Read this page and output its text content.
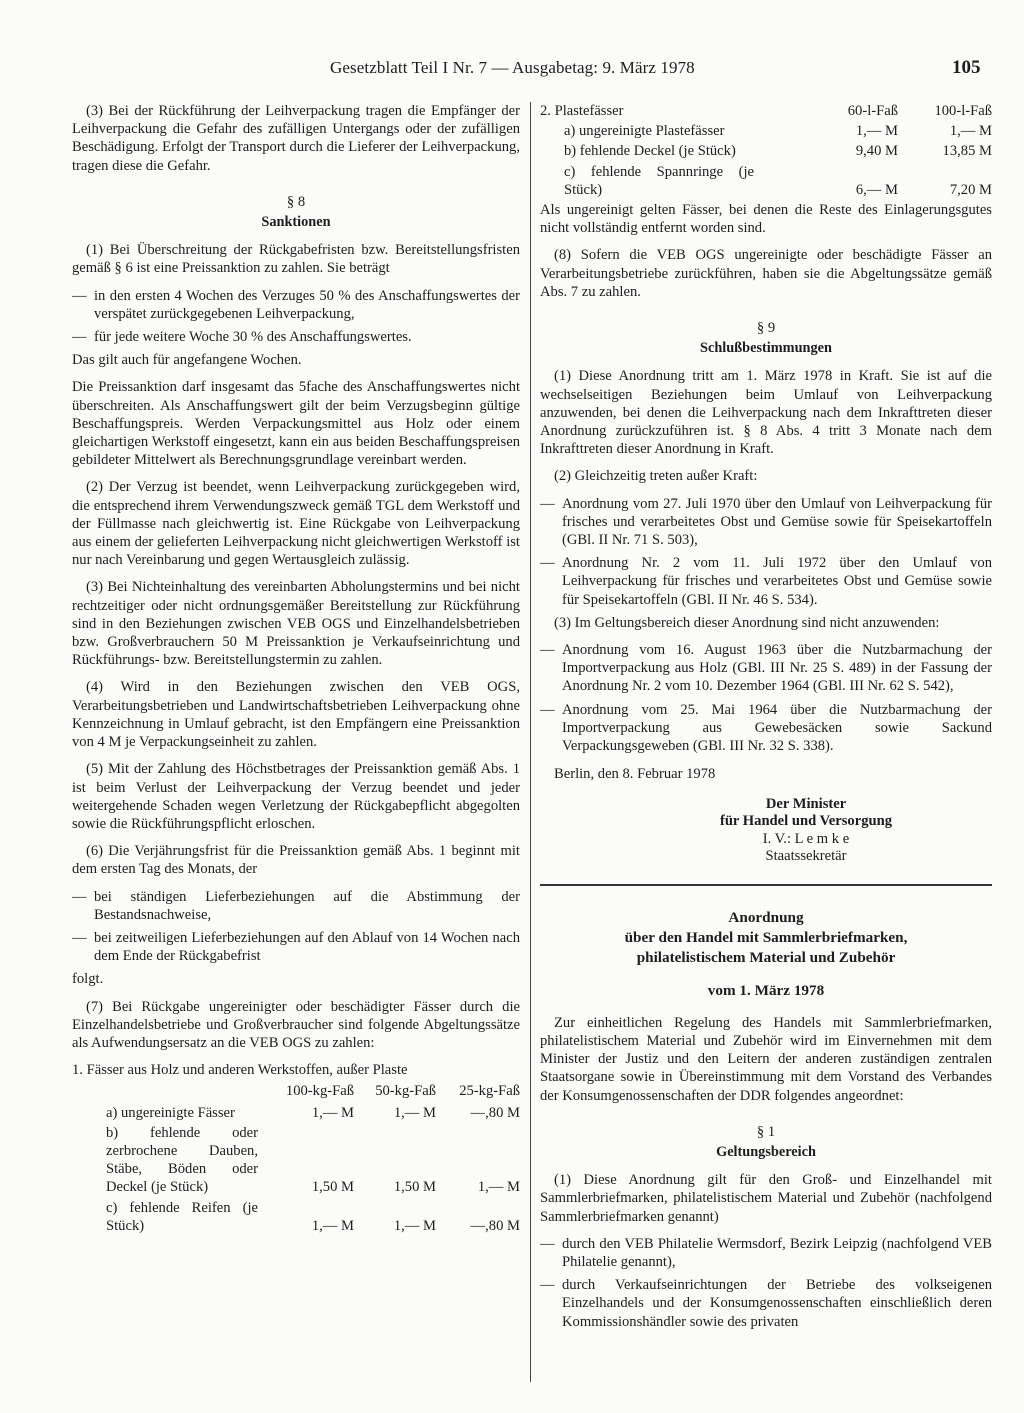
Gesetzblatt Teil I Nr. 7 — Ausgabetag: 9. März 1978	105

(3) Bei der Rückführung der Leihverpackung tragen die Empfänger der Leihverpackung die Gefahr des zufälligen Untergangs oder der zufälligen Beschädigung. Erfolgt der Transport durch die Lieferer der Leihverpackung, tragen diese die Gefahr.

§ 8
Sanktionen

(1) Bei Überschreitung der Rückgabefristen bzw. Bereitstellungsfristen gemäß § 6 ist eine Preissanktion zu zahlen. Sie beträgt

— in den ersten 4 Wochen des Verzuges 50 % des Anschaffungswertes der verspätet zurückgegebenen Leihverpackung,
— für jede weitere Woche 30 % des Anschaffungswertes.

Das gilt auch für angefangene Wochen.

Die Preissanktion darf insgesamt das 5fache des Anschaffungswertes nicht überschreiten. Als Anschaffungswert gilt der beim Verzugsbeginn gültige Beschaffungspreis. Werden Verpackungsmittel aus Holz oder einem gleichartigen Werkstoff eingesetzt, kann ein aus beiden Beschaffungspreisen gebildeter Mittelwert als Berechnungsgrundlage vereinbart werden.

(2) Der Verzug ist beendet, wenn Leihverpackung zurückgegeben wird, die entsprechend ihrem Verwendungszweck gemäß TGL dem Werkstoff und der Füllmasse nach gleichwertig ist. Eine Rückgabe von Leihverpackung aus einem der gelieferten Leihverpackung nicht gleichwertigen Werkstoff ist nur nach Vereinbarung und gegen Wertausgleich zulässig.

(3) Bei Nichteinhaltung des vereinbarten Abholungstermins und bei nicht rechtzeitiger oder nicht ordnungsgemäßer Bereitstellung zur Rückführung sind in den Beziehungen zwischen VEB OGS und Einzelhandelsbetrieben bzw. Großverbrauchern 50 M Preissanktion je Verkaufseinrichtung und Rückführungs- bzw. Bereitstellungstermin zu zahlen.

(4) Wird in den Beziehungen zwischen den VEB OGS, Verarbeitungsbetrieben und Landwirtschaftsbetrieben Leihverpackung ohne Kennzeichnung in Umlauf gebracht, ist den Empfängern eine Preissanktion von 4 M je Verpackungseinheit zu zahlen.

(5) Mit der Zahlung des Höchstbetrages der Preissanktion gemäß Abs. 1 ist beim Verlust der Leihverpackung der Verzug beendet und jeder weitergehende Schaden wegen Verletzung der Rückgabepflicht abgegolten sowie die Rückführungspflicht erloschen.

(6) Die Verjährungsfrist für die Preissanktion gemäß Abs. 1 beginnt mit dem ersten Tag des Monats, der

— bei ständigen Lieferbeziehungen auf die Abstimmung der Bestandsnachweise,
— bei zeitweiligen Lieferbeziehungen auf den Ablauf von 14 Wochen nach dem Ende der Rückgabefrist

folgt.

(7) Bei Rückgabe ungereinigter oder beschädigter Fässer durch die Einzelhandelsbetriebe und Großverbraucher sind folgende Abgeltungssätze als Aufwendungsersatz an die VEB OGS zu zahlen:

1. Fässer aus Holz und anderen Werkstoffen, außer Plaste
	100-kg-Faß	50-kg-Faß	25-kg-Faß
a) ungereinigte Fässer	1,— M	1,— M	—,80 M
b) fehlende oder zerbrochene Dauben, Stäbe, Böden oder Deckel (je Stück)	1,50 M	1,50 M	1,— M
c) fehlende Reifen (je Stück)	1,— M	1,— M	—,80 M
2. Plastefässer	60-l-Faß	100-l-Faß
a) ungereinigte Plastefässer	1,— M	1,— M
b) fehlende Deckel (je Stück)	9,40 M	13,85 M
c) fehlende Spannringe (je Stück)	6,— M	7,20 M

Als ungereinigt gelten Fässer, bei denen die Reste des Einlagerungsgutes nicht vollständig entfernt worden sind.

(8) Sofern die VEB OGS ungereinigte oder beschädigte Fässer an Verarbeitungsbetriebe zurückführen, haben sie die Abgeltungssätze gemäß Abs. 7 zu zahlen.

§ 9
Schlußbestimmungen

(1) Diese Anordnung tritt am 1. März 1978 in Kraft. Sie ist auf die wechselseitigen Beziehungen beim Umlauf von Leihverpackung anzuwenden, bei denen die Leihverpackung nach dem Inkrafttreten dieser Anordnung zurückzuführen ist. § 8 Abs. 4 tritt 3 Monate nach dem Inkrafttreten dieser Anordnung in Kraft.

(2) Gleichzeitig treten außer Kraft:

— Anordnung vom 27. Juli 1970 über den Umlauf von Leihverpackung für frisches und verarbeitetes Obst und Gemüse sowie für Speisekartoffeln (GBl. II Nr. 71 S. 503),
— Anordnung Nr. 2 vom 11. Juli 1972 über den Umlauf von Leihverpackung für frisches und verarbeitetes Obst und Gemüse sowie für Speisekartoffeln (GBl. II Nr. 46 S. 534).

(3) Im Geltungsbereich dieser Anordnung sind nicht anzuwenden:

— Anordnung vom 16. August 1963 über die Nutzbarmachung der Importverpackung aus Holz (GBl. III Nr. 25 S. 489) in der Fassung der Anordnung Nr. 2 vom 10. Dezember 1964 (GBl. III Nr. 62 S. 542),
— Anordnung vom 25. Mai 1964 über die Nutzbarmachung der Importverpackung aus Gewebesäcken sowie Sackund Verpackungsgeweben (GBl. III Nr. 32 S. 338).

Berlin, den 8. Februar 1978

Der Minister
für Handel und Versorgung
I. V.: L e m k e
Staatssekretär
Anordnung
über den Handel mit Sammlerbriefmarken,
philatelistischem Material und Zubehör
vom 1. März 1978

Zur einheitlichen Regelung des Handels mit Sammlerbriefmarken, philatelistischem Material und Zubehör wird im Einvernehmen mit dem Minister der Justiz und den Leitern der anderen zuständigen zentralen Staatsorgane sowie in Übereinstimmung mit dem Vorstand des Verbandes der Konsumgenossenschaften der DDR folgendes angeordnet:

§ 1
Geltungsbereich

(1) Diese Anordnung gilt für den Groß- und Einzelhandel mit Sammlerbriefmarken, philatelistischem Material und Zubehör (nachfolgend Sammlerbriefmarken genannt)

— durch den VEB Philatelie Wermsdorf, Bezirk Leipzig (nachfolgend VEB Philatelie genannt),
— durch Verkaufseinrichtungen der Betriebe des volkseigenen Einzelhandels und der Konsumgenossenschaften einschließlich deren Kommissionshändler sowie des privaten
